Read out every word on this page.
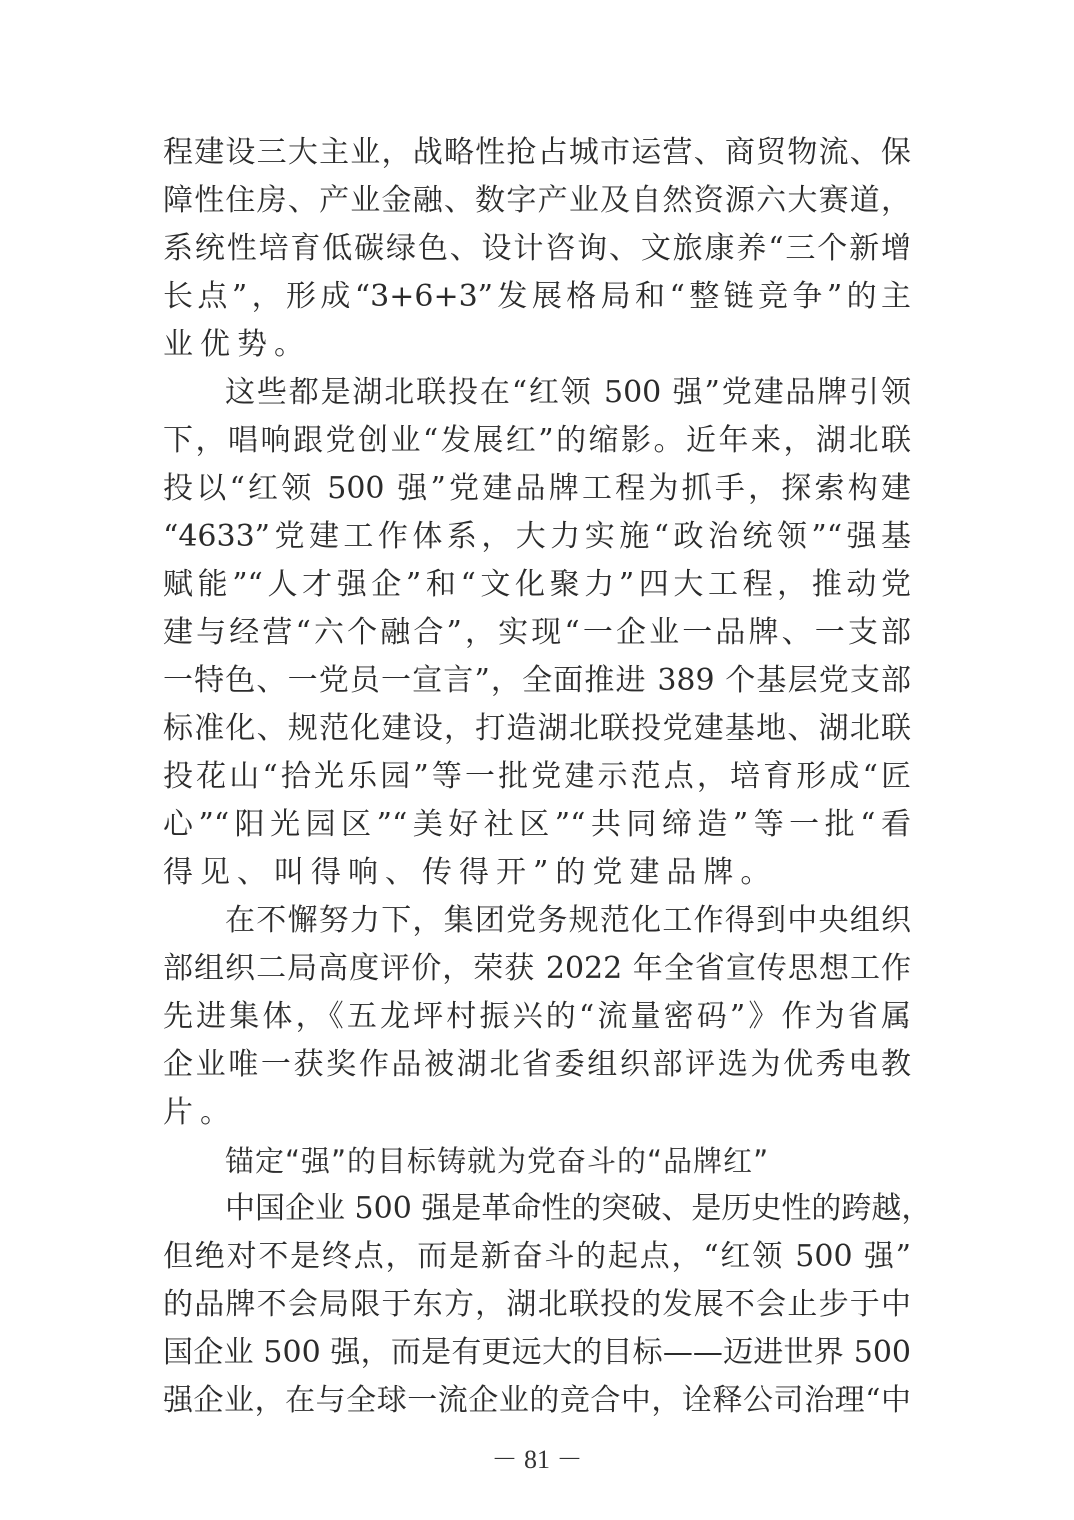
程建设三大主业，战略性抢占城市运营、商贸物流、保
障性住房、产业金融、数字产业及自然资源六大赛道，
系统性培育低碳绿色、设计咨询、文旅康养“三个新增
长点”，形成“3+6+3”发展格局和“整链竞争”的主
业优势。
这些都是湖北联投在“红领 500 强”党建品牌引领
下，唱响跟党创业“发展红”的缩影。近年来，湖北联
投以“红领 500 强”党建品牌工程为抓手，探索构建
“4633”党建工作体系，大力实施“政治统领”“强基
赋能”“人才强企”和“文化聚力”四大工程，推动党
建与经营“六个融合”，实现“一企业一品牌、一支部
一特色、一党员一宣言”，全面推进 389 个基层党支部
标准化、规范化建设，打造湖北联投党建基地、湖北联
投花山“拾光乐园”等一批党建示范点，培育形成“匠
心”“阳光园区”“美好社区”“共同缔造”等一批“看
得见、叫得响、传得开”的党建品牌。
在不懈努力下，集团党务规范化工作得到中央组织
部组织二局高度评价，荣获 2022 年全省宣传思想工作
先进集体，《五龙坪村振兴的“流量密码”》作为省属
企业唯一获奖作品被湖北省委组织部评选为优秀电教
片。
锚定“强”的目标铸就为党奋斗的“品牌红”
中国企业 500 强是革命性的突破、是历史性的跨越，
但绝对不是终点，而是新奋斗的起点，“红领 500 强”
的品牌不会局限于东方，湖北联投的发展不会止步于中
国企业 500 强，而是有更远大的目标——迈进世界 500
强企业，在与全球一流企业的竞合中，诠释公司治理“中
－ 81 －
